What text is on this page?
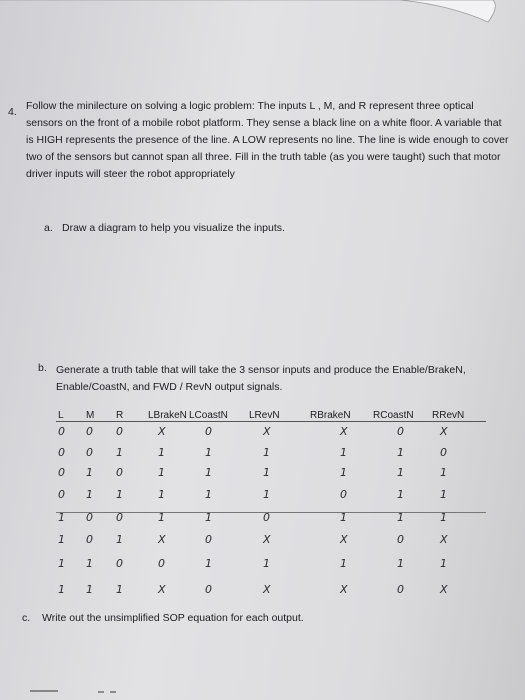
4. Follow the minilecture on solving a logic problem: The inputs L , M, and R represent three optical sensors on the front of a mobile robot platform. They sense a black line on a white floor. A variable that is HIGH represents the presence of the line. A LOW represents no line. The line is wide enough to cover two of the sensors but cannot span all three. Fill in the truth table (as you were taught) such that motor driver inputs will steer the robot appropriately
a. Draw a diagram to help you visualize the inputs.
b. Generate a truth table that will take the 3 sensor inputs and produce the Enable/BrakeN, Enable/CoastN, and FWD / RevN output signals.
L M R LBrakeN LCoastN LRevN	RBrakeN RCoastN RRevN
0 0 0	X	0	X	X	0	X
0 0 1	1	1	1	1	1	0
0 1 0	1	1	1	1	1	1
0 1 1	1	1	1	0	1	1
1 0 0	1	1	0	1	1	1
1 0 1	X	0	X	X	0	X
1 1 0	0	1	1	1	1	1
1 1 1	X	0	X	X	0	X
c. Write out the unsimplified SOP equation for each output.
